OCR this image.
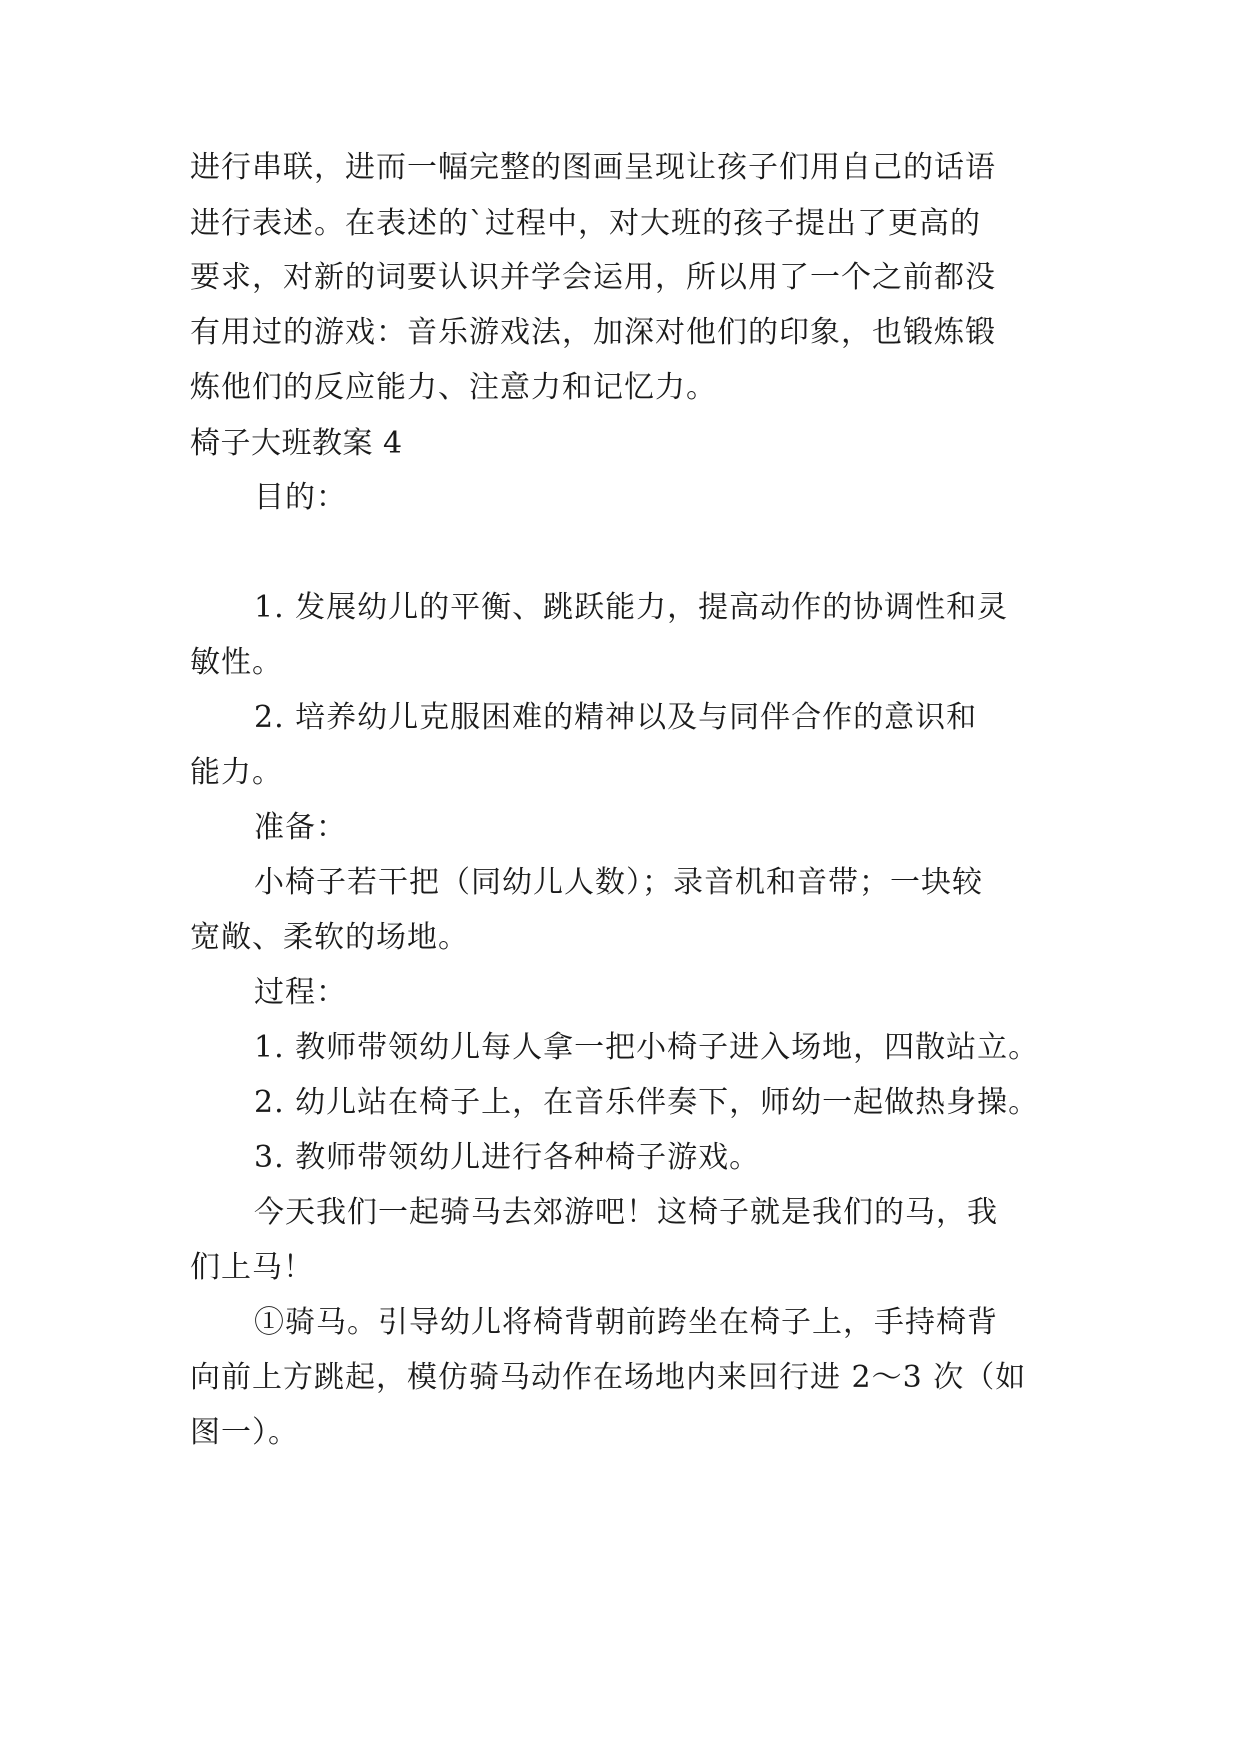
进行串联，进而一幅完整的图画呈现让孩子们用自己的话语
进行表述。在表述的`过程中，对大班的孩子提出了更高的
要求，对新的词要认识并学会运用，所以用了一个之前都没
有用过的游戏：音乐游戏法，加深对他们的印象，也锻炼锻
炼他们的反应能力、注意力和记忆力。
椅子大班教案 4
目的：
1. 发展幼儿的平衡、跳跃能力，提高动作的协调性和灵
敏性。
2. 培养幼儿克服困难的精神以及与同伴合作的意识和
能力。
准备：
小椅子若干把（同幼儿人数）；录音机和音带；一块较
宽敞、柔软的场地。
过程：
1. 教师带领幼儿每人拿一把小椅子进入场地，四散站立。
2. 幼儿站在椅子上，在音乐伴奏下，师幼一起做热身操。
3. 教师带领幼儿进行各种椅子游戏。
今天我们一起骑马去郊游吧！这椅子就是我们的马，我
们上马！
①骑马。引导幼儿将椅背朝前跨坐在椅子上，手持椅背
向前上方跳起，模仿骑马动作在场地内来回行进 2～3 次（如
图一）。
